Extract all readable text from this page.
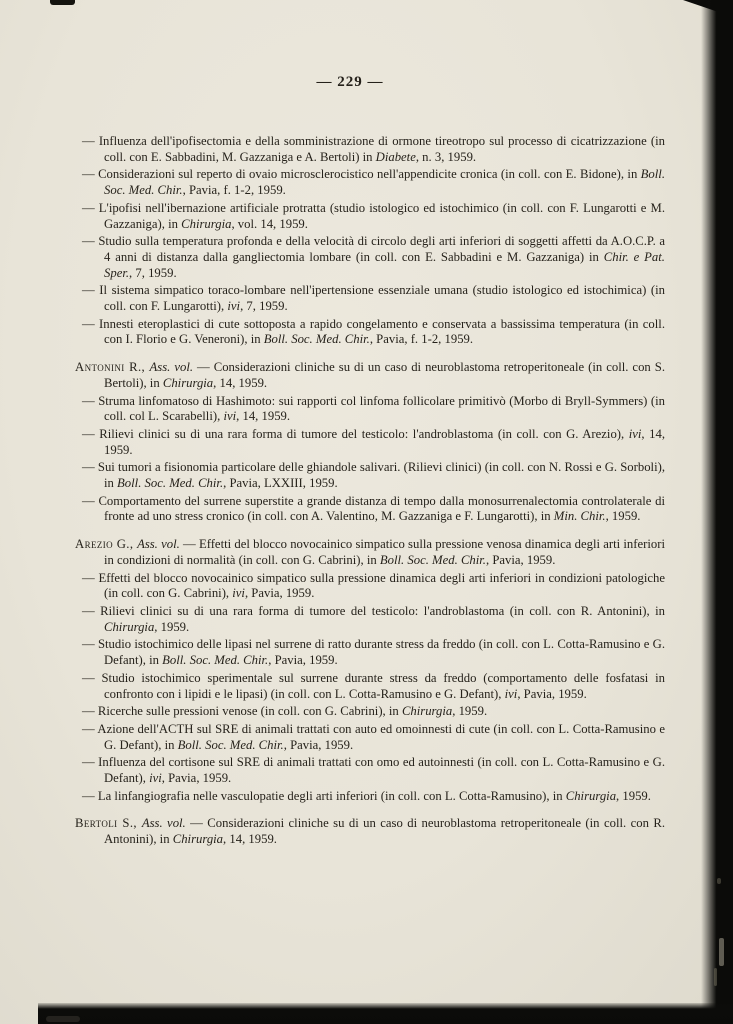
— 229 —

— Influenza dell'ipofisectomia e della somministrazione di ormone tireotropo sul processo di cicatrizzazione (in coll. con E. Sabbadini, M. Gazzaniga e A. Bertoli) in Diabete, n. 3, 1959.

— Considerazioni sul reperto di ovaio microsclerocistico nell'appendicite cronica (in coll. con E. Bidone), in Boll. Soc. Med. Chir., Pavia, f. 1-2, 1959.

— L'ipofisi nell'ibernazione artificiale protratta (studio istologico ed istochimico (in coll. con F. Lungarotti e M. Gazzaniga), in Chirurgia, vol. 14, 1959.

— Studio sulla temperatura profonda e della velocità di circolo degli arti inferiori di soggetti affetti da A.O.C.P. a 4 anni di distanza dalla gangliectomia lombare (in coll. con E. Sabbadini e M. Gazzaniga) in Chir. e Pat. Sper., 7, 1959.

— Il sistema simpatico toraco-lombare nell'ipertensione essenziale umana (studio istologico ed istochimica) (in coll. con F. Lungarotti), ivi, 7, 1959.

— Innesti eteroplastici di cute sottoposta a rapido congelamento e conservata a bassissima temperatura (in coll. con I. Florio e G. Veneroni), in Boll. Soc. Med. Chir., Pavia, f. 1-2, 1959.

Antonini R., Ass. vol. — Considerazioni cliniche su di un caso di neuroblastoma retroperitoneale (in coll. con S. Bertoli), in Chirurgia, 14, 1959.

— Struma linfomatoso di Hashimoto: sui rapporti col linfoma follicolare primitivò (Morbo di Bryll-Symmers) (in coll. col L. Scarabelli), ivi, 14, 1959.

— Rilievi clinici su di una rara forma di tumore del testicolo: l'androblastoma (in coll. con G. Arezio), ivi, 14, 1959.

— Sui tumori a fisionomia particolare delle ghiandole salivari. (Rilievi clinici) (in coll. con N. Rossi e G. Sorboli), in Boll. Soc. Med. Chir., Pavia, LXXIII, 1959.

— Comportamento del surrene superstite a grande distanza di tempo dalla monosurrenalectomia controlaterale di fronte ad uno stress cronico (in coll. con A. Valentino, M. Gazzaniga e F. Lungarotti), in Min. Chir., 1959.

Arezio G., Ass. vol. — Effetti del blocco novocainico simpatico sulla pressione venosa dinamica degli arti inferiori in condizioni di normalità (in coll. con G. Cabrini), in Boll. Soc. Med. Chir., Pavia, 1959.

— Effetti del blocco novocainico simpatico sulla pressione dinamica degli arti inferiori in condizioni patologiche (in coll. con G. Cabrini), ivi, Pavia, 1959.

— Rilievi clinici su di una rara forma di tumore del testicolo: l'androblastoma (in coll. con R. Antonini), in Chirurgia, 1959.

— Studio istochimico delle lipasi nel surrene di ratto durante stress da freddo (in coll. con L. Cotta-Ramusino e G. Defant), in Boll. Soc. Med. Chir., Pavia, 1959.

— Studio istochimico sperimentale sul surrene durante stress da freddo (comportamento delle fosfatasi in confronto con i lipidi e le lipasi) (in coll. con L. Cotta-Ramusino e G. Defant), ivi, Pavia, 1959.

— Ricerche sulle pressioni venose (in coll. con G. Cabrini), in Chirurgia, 1959.

— Azione dell'ACTH sul SRE di animali trattati con auto ed omoinnesti di cute (in coll. con L. Cotta-Ramusino e G. Defant), in Boll. Soc. Med. Chir., Pavia, 1959.

— Influenza del cortisone sul SRE di animali trattati con omo ed autoinnesti (in coll. con L. Cotta-Ramusino e G. Defant), ivi, Pavia, 1959.

— La linfangiografia nelle vasculopatie degli arti inferiori (in coll. con L. Cotta-Ramusino), in Chirurgia, 1959.

Bertoli S., Ass. vol. — Considerazioni cliniche su di un caso di neuroblastoma retroperitoneale (in coll. con R. Antonini), in Chirurgia, 14, 1959.
